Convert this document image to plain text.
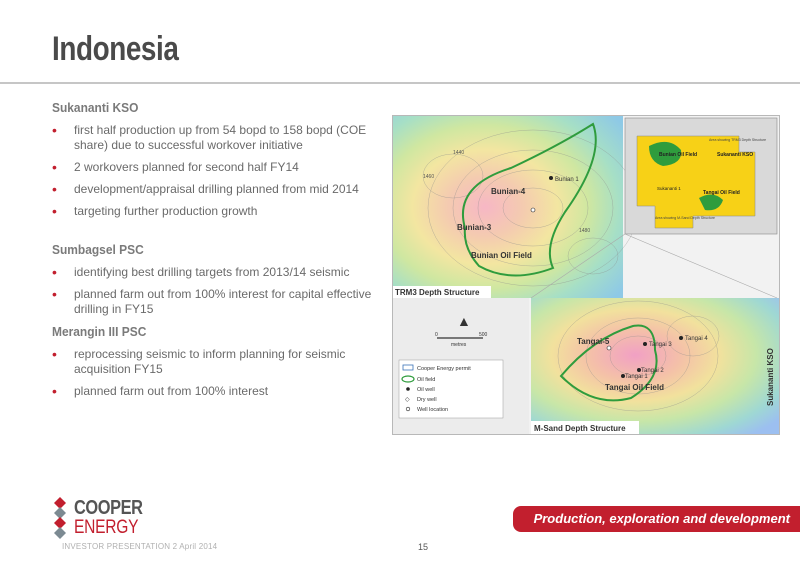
Indonesia
Sukananti KSO
• first half production up from 54 bopd to 158 bopd (COE share) due to successful workover initiative
• 2 workovers planned for second half FY14
• development/appraisal drilling planned from mid 2014
• targeting further production growth
Sumbagsel PSC
• identifying best drilling targets from 2013/14 seismic
• planned farm out from 100% interest for capital effective drilling in FY15
Merangin III PSC
• reprocessing seismic to inform planning for seismic acquisition FY15
• planned farm out from 100% interest
Bunian-4
Bunian 1
Bunian-3
Bunian Oil Field
1460
1480
1440
TRM3 Depth Structure
Bunian Oil Field	Sukananti KSO
Sukananti 1
Tangai Oil Field
Area showing TRM3 Depth Structure
Area showing M-Sand Depth Structure
▲
0	500
metres
Cooper Energy permit
Oil field
Oil well
◇ Dry well
Well location
Tangai-5	Tangai 3
Tangai 4
Tangai 2
Tangai 1
Tangai Oil Field	Sukananti KSO
M-Sand Depth Structure
COOPER
ENERGY	Production, exploration and development
INVESTOR PRESENTATION 2 April 2014	15
